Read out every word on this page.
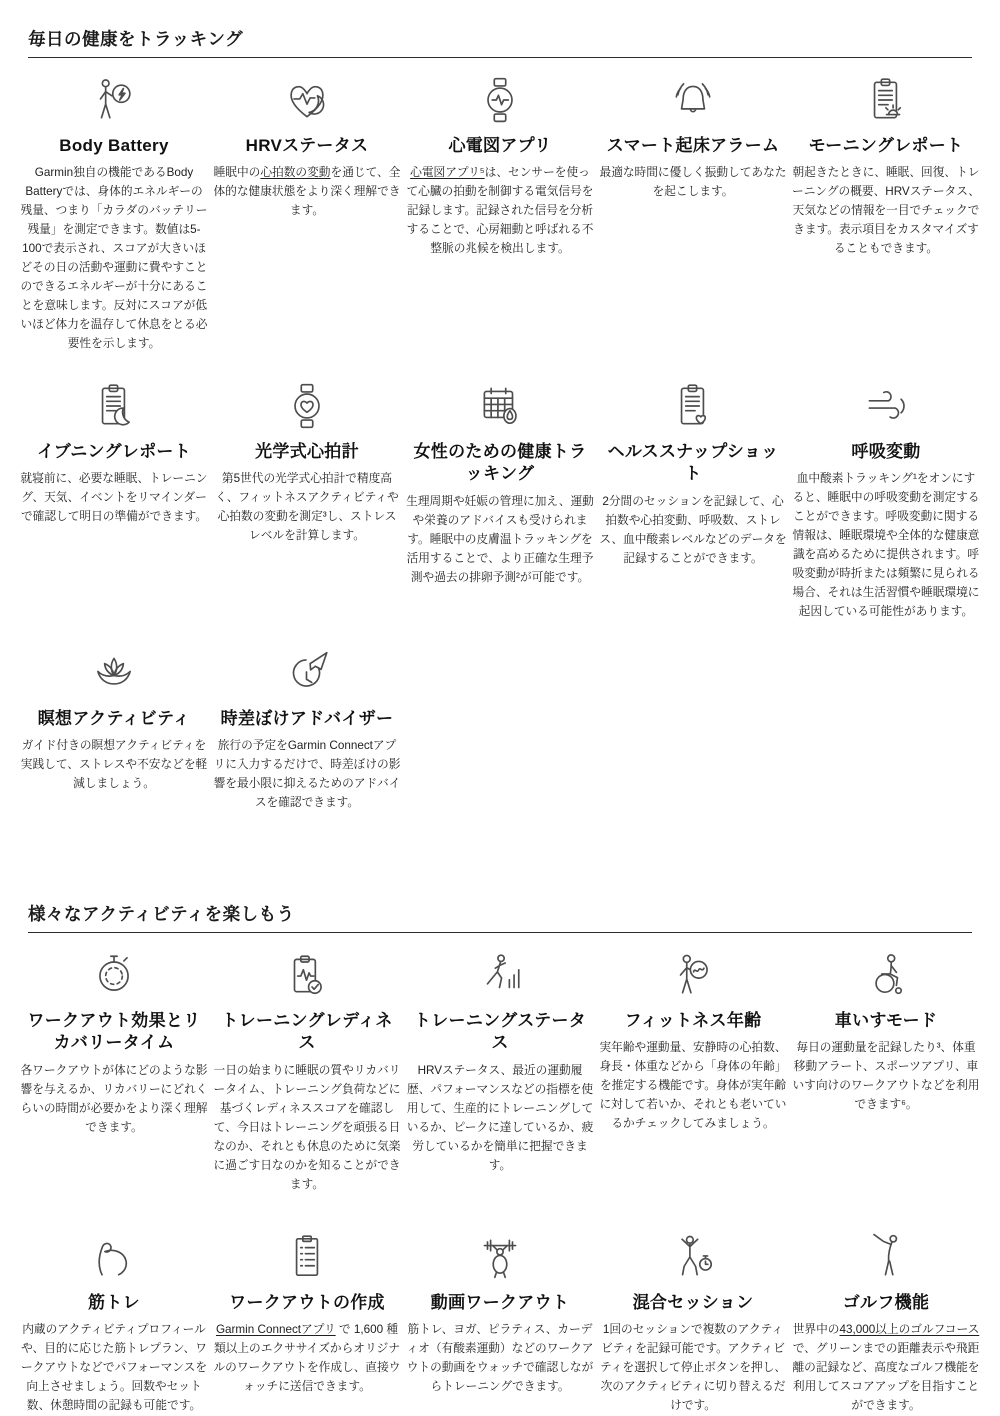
毎日の健康をトラッキング
Body Battery

Garmin独自の機能であるBody Batteryでは、身体的エネルギーの残量、つまり「カラダのバッテリー残量」を測定できます。数値は5-100で表示され、スコアが大きいほどその日の活動や運動に費やすことのできるエネルギーが十分にあることを意味します。反対にスコアが低いほど体力を温存して休息をとる必要性を示します。

HRVステータス

睡眠中の心拍数の変動を通じて、全体的な健康状態をより深く理解できます。

心電図アプリ

心電図アプリ⁵は、センサーを使って心臓の拍動を制御する電気信号を記録します。記録された信号を分析することで、心房細動と呼ばれる不整脈の兆候を検出します。

スマート起床アラーム

最適な時間に優しく振動してあなたを起こします。

モーニングレポート

朝起きたときに、睡眠、回復、トレーニングの概要、HRVステータス、天気などの情報を一目でチェックできます。表示項目をカスタマイズすることもできます。

イブニングレポート

就寝前に、必要な睡眠、トレーニング、天気、イベントをリマインダーで確認して明日の準備ができます。

光学式心拍計

第5世代の光学式心拍計で精度高く、フィットネスアクティビティや心拍数の変動を測定³し、ストレスレベルを計算します。

女性のための健康トラッキング

生理周期や妊娠の管理に加え、運動や栄養のアドバイスも受けられます。睡眠中の皮膚温トラッキングを活用することで、より正確な生理予測や過去の排卵予測²が可能です。

ヘルススナップショット

2分間のセッションを記録して、心拍数や心拍変動、呼吸数、ストレス、血中酸素レベルなどのデータを記録することができます。

呼吸変動

血中酸素トラッキング¹をオンにすると、睡眠中の呼吸変動を測定することができます。呼吸変動に関する情報は、睡眠環境や全体的な健康意識を高めるために提供されます。呼吸変動が時折または頻繁に見られる場合、それは生活習慣や睡眠環境に起因している可能性があります。

瞑想アクティビティ

ガイド付きの瞑想アクティビティを実践して、ストレスや不安などを軽減しましょう。

時差ぼけアドバイザー

旅行の予定をGarmin Connectアプリに入力するだけで、時差ぼけの影響を最小限に抑えるためのアドバイスを確認できます。

様々なアクティビティを楽しもう
ワークアウト効果とリカバリータイム

各ワークアウトが体にどのような影響を与えるか、リカバリーにどれくらいの時間が必要かをより深く理解できます。

トレーニングレディネス

一日の始まりに睡眠の質やリカバリータイム、トレーニング負荷などに基づくレディネススコアを確認して、今日はトレーニングを頑張る日なのか、それとも休息のために気楽に過ごす日なのかを知ることができます。

トレーニングステータス

HRVステータス、最近の運動履歴、パフォーマンスなどの指標を使用して、生産的にトレーニングしているか、ピークに達しているか、疲労しているかを簡単に把握できます。

フィットネス年齢

実年齢や運動量、安静時の心拍数、身長・体重などから「身体の年齢」を推定する機能です。身体が実年齢に対して若いか、それとも老いているかチェックしてみましょう。

車いすモード

毎日の運動量を記録したり³、体重移動アラート、スポーツアプリ、車いす向けのワークアウトなどを利用できます⁶。

筋トレ

内蔵のアクティビティプロフィールや、目的に応じた筋トレプラン、ワークアウトなどでパフォーマンスを向上させましょう。回数やセット数、休憩時間の記録も可能です。

ワークアウトの作成

Garmin Connectアプリ で 1,600 種類以上のエクササイズからオリジナルのワークアウトを作成し、直接ウォッチに送信できます。

動画ワークアウト

筋トレ、ヨガ、ピラティス、カーディオ（有酸素運動）などのワークアウトの動画をウォッチで確認しながらトレーニングできます。

混合セッション

1回のセッションで複数のアクティビティを記録可能です。アクティビティを選択して停止ボタンを押し、次のアクティビティに切り替えるだけです。

ゴルフ機能

世界中の43,000以上のゴルフコースで、グリーンまでの距離表示や飛距離の記録など、高度なゴルフ機能を利用してスコアアップを目指すことができます。
